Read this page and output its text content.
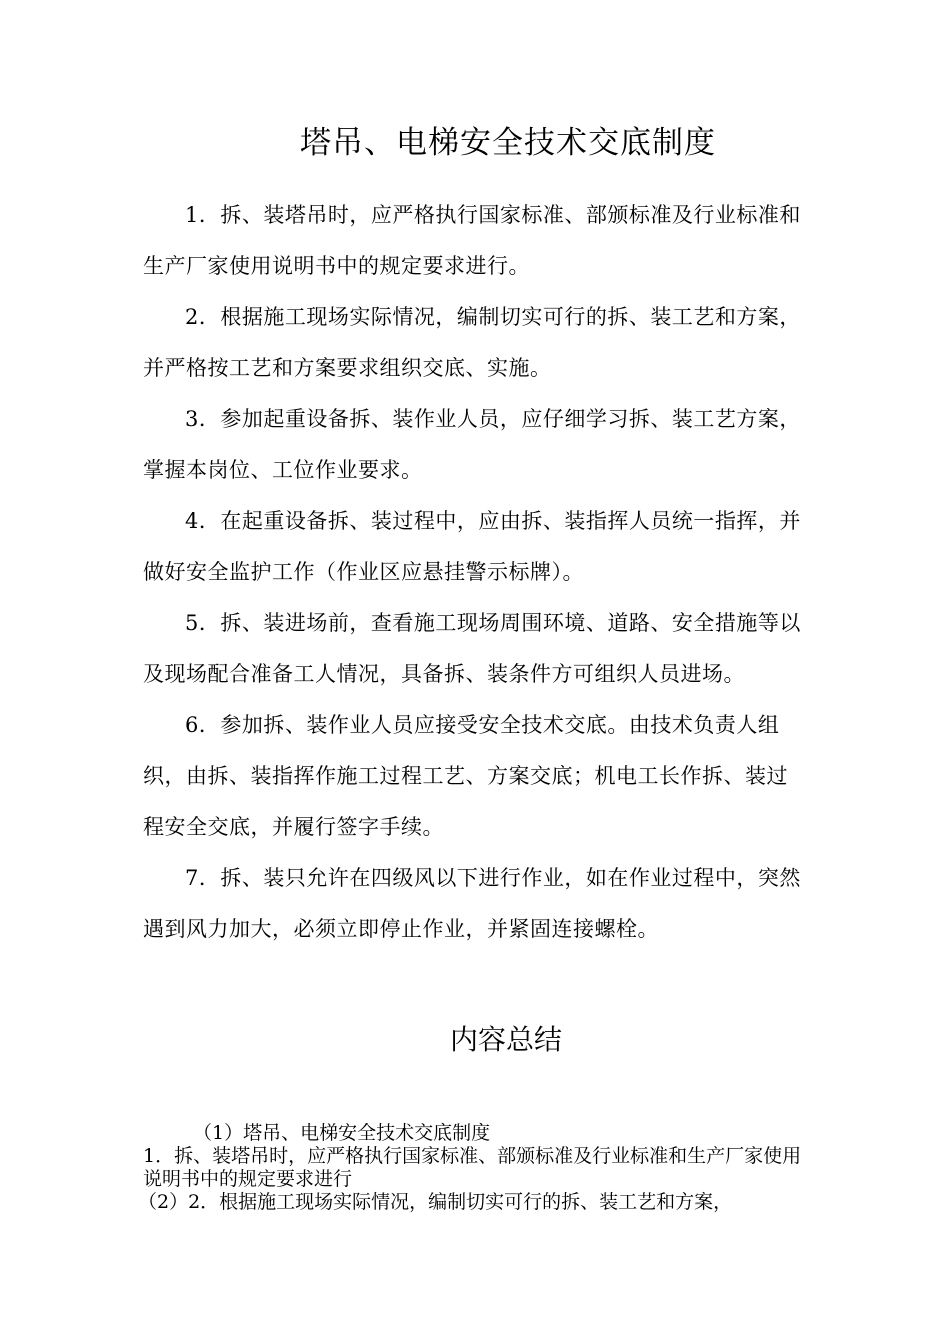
塔吊、电梯安全技术交底制度

1．拆、装塔吊时，应严格执行国家标准、部颁标准及行业标准和生产厂家使用说明书中的规定要求进行。

2．根据施工现场实际情况，编制切实可行的拆、装工艺和方案，并严格按工艺和方案要求组织交底、实施。

3．参加起重设备拆、装作业人员，应仔细学习拆、装工艺方案，掌握本岗位、工位作业要求。

4．在起重设备拆、装过程中，应由拆、装指挥人员统一指挥，并做好安全监护工作（作业区应悬挂警示标牌）。

5．拆、装进场前，查看施工现场周围环境、道路、安全措施等以及现场配合准备工人情况，具备拆、装条件方可组织人员进场。

6．参加拆、装作业人员应接受安全技术交底。由技术负责人组织，由拆、装指挥作施工过程工艺、方案交底；机电工长作拆、装过程安全交底，并履行签字手续。

7．拆、装只允许在四级风以下进行作业，如在作业过程中，突然遇到风力加大，必须立即停止作业，并紧固连接螺栓。

内容总结

（1）塔吊、电梯安全技术交底制度

1．拆、装塔吊时，应严格执行国家标准、部颁标准及行业标准和生产厂家使用说明书中的规定要求进行

（2）2．根据施工现场实际情况，编制切实可行的拆、装工艺和方案，
